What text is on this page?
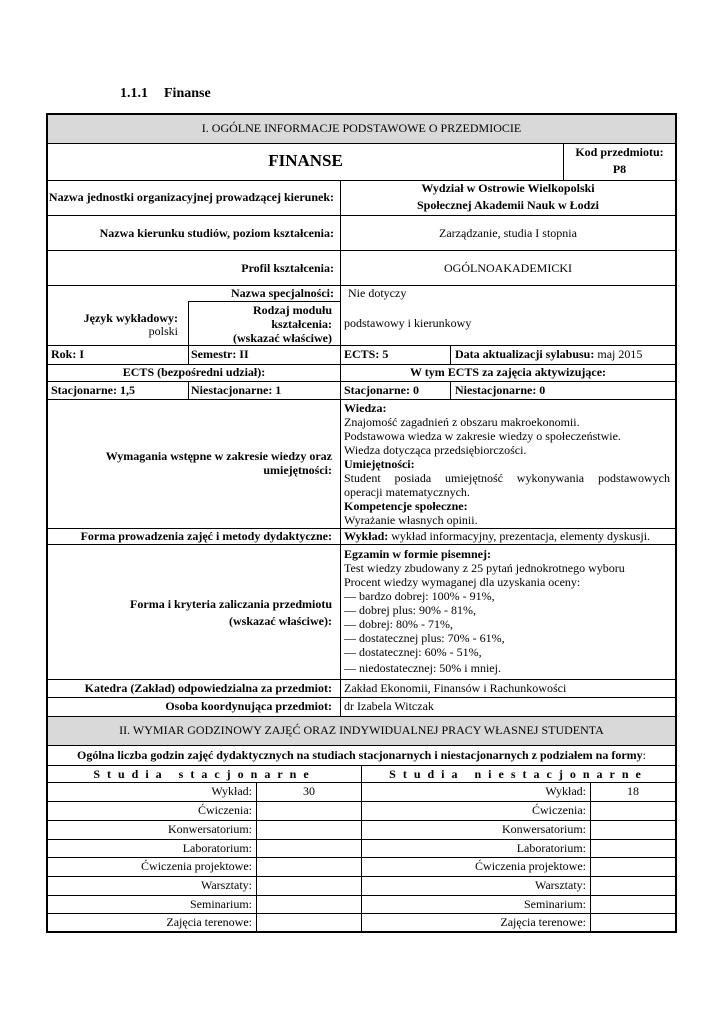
1.1.1 Finanse
I. OGÓLNE INFORMACJE PODSTAWOWE O PRZEDMIOCIE
FINANSE	Kod przedmiotu:
P8
Nazwa jednostki organizacyjnej prowadzącej kierunek:
Wydział w Ostrowie Wielkopolski
Społecznej Akademii Nauk w Łodzi
Nazwa kierunku studiów, poziom kształcenia:	Zarządzanie, studia I stopnia
Profil kształcenia:	OGÓLNOAKADEMICKI
Nazwa specjalności: Nie dotyczy
Język wykładowy:
polski
Rodzaj modułu
kształcenia:
(wskazać właściwe)
podstawowy i kierunkowy
Rok: I	Semestr: II	ECTS: 5	Data aktualizacji sylabusu: maj 2015
ECTS (bezpośredni udział):	W tym ECTS za zajęcia aktywizujące:
Stacjonarne: 1,5	Niestacjonarne: 1	Stacjonarne: 0	Niestacjonarne: 0
Wymagania wstępne w zakresie wiedzy oraz
umiejętności:
Wiedza:
Znajomość zagadnień z obszaru makroekonomii.
Podstawowa wiedza w zakresie wiedzy o społeczeństwie.
Wiedza dotycząca przedsiębiorczości.
Umiejętności:
Student posiada umiejętność wykonywania podstawowych
operacji matematycznych.
Kompetencje społeczne:
Wyrażanie własnych opinii.
Forma prowadzenia zajęć i metody dydaktyczne: Wykład: wykład informacyjny, prezentacja, elementy dyskusji.
Forma i kryteria zaliczania przedmiotu
(wskazać właściwe):
Egzamin w formie pisemnej:
Test wiedzy zbudowany z 25 pytań jednokrotnego wyboru
Procent wiedzy wymaganej dla uzyskania oceny:
— bardzo dobrej: 100% - 91%,
— dobrej plus: 90% - 81%,
— dobrej: 80% - 71%,
— dostatecznej plus: 70% - 61%,
— dostatecznej: 60% - 51%,
— niedostatecznej: 50% i mniej.
Katedra (Zakład) odpowiedzialna za przedmiot: Zakład Ekonomii, Finansów i Rachunkowości
Osoba koordynująca przedmiot: dr Izabela Witczak
II. WYMIAR GODZINOWY ZAJĘĆ ORAZ INDYWIDUALNEJ PRACY WŁASNEJ STUDENTA
Ogólna liczba godzin zajęć dydaktycznych na studiach stacjonarnych i niestacjonarnych z podziałem na formy:
Studia stacjonarne	Studia niestacjonarne
Wykład:	30	Wykład:	18
Ćwiczenia:	Ćwiczenia:
Konwersatorium:	Konwersatorium:
Laboratorium:	Laboratorium:
Ćwiczenia projektowe:	Ćwiczenia projektowe:
Warsztaty:	Warsztaty:
Seminarium:	Seminarium:
Zajęcia terenowe:	Zajęcia terenowe:
